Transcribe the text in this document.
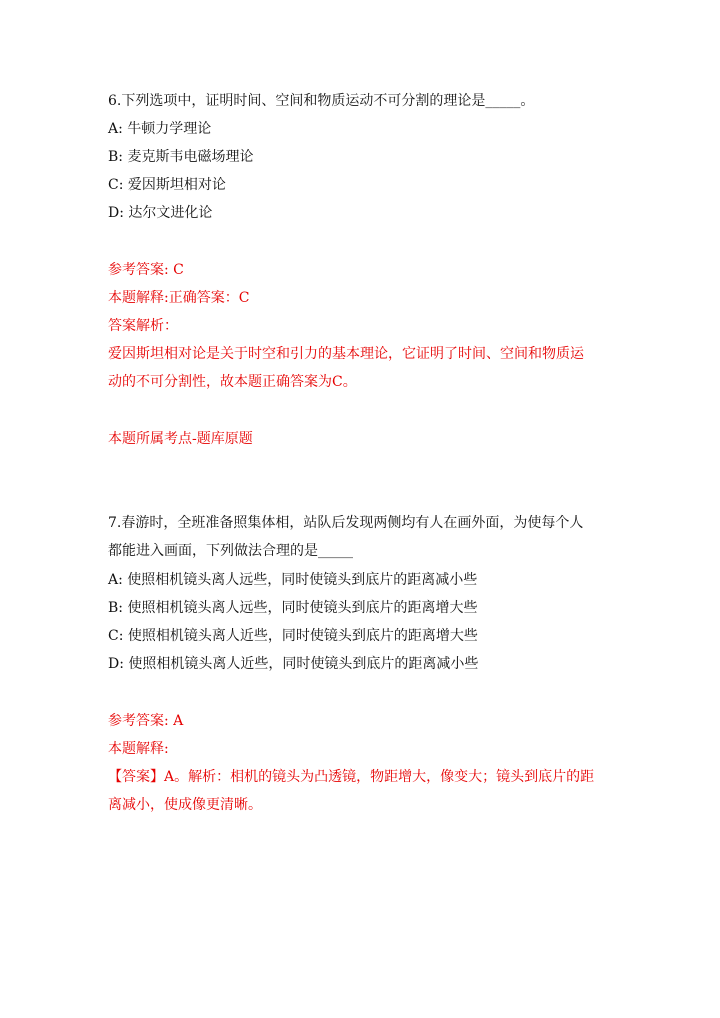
6.下列选项中，证明时间、空间和物质运动不可分割的理论是_____。
A: 牛顿力学理论
B: 麦克斯韦电磁场理论
C: 爱因斯坦相对论
D: 达尔文进化论
参考答案: C
本题解释:正确答案：C
答案解析：
爱因斯坦相对论是关于时空和引力的基本理论，它证明了时间、空间和物质运
动的不可分割性，故本题正确答案为C。
本题所属考点-题库原题
7.春游时，全班准备照集体相，站队后发现两侧均有人在画外面，为使每个人
都能进入画面，下列做法合理的是_____
A: 使照相机镜头离人远些，同时使镜头到底片的距离减小些
B: 使照相机镜头离人远些，同时使镜头到底片的距离增大些
C: 使照相机镜头离人近些，同时使镜头到底片的距离增大些
D: 使照相机镜头离人近些，同时使镜头到底片的距离减小些
参考答案: A
本题解释:
【答案】A。解析：相机的镜头为凸透镜，物距增大，像变大；镜头到底片的距
离减小，使成像更清晰。
